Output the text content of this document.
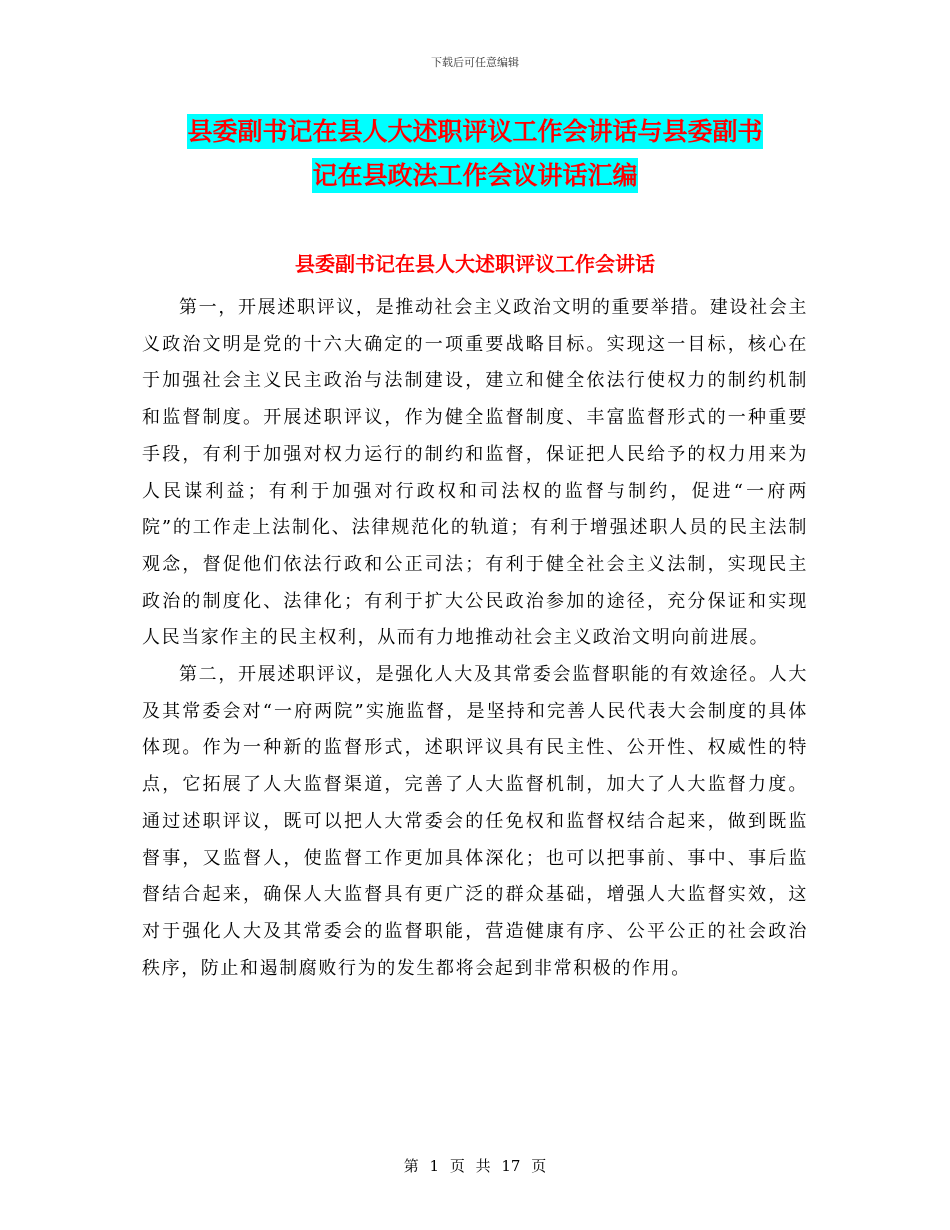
下载后可任意编辑
县委副书记在县人大述职评议工作会讲话与县委副书
记在县政法工作会议讲话汇编
县委副书记在县人大述职评议工作会讲话

第一，开展述职评议，是推动社会主义政治文明的重要举措。建设社会主义政治文明是党的十六大确定的一项重要战略目标。实现这一目标，核心在于加强社会主义民主政治与法制建设，建立和健全依法行使权力的制约机制和监督制度。开展述职评议，作为健全监督制度、丰富监督形式的一种重要手段，有利于加强对权力运行的制约和监督，保证把人民给予的权力用来为人民谋利益；有利于加强对行政权和司法权的监督与制约，促进“一府两院”的工作走上法制化、法律规范化的轨道；有利于增强述职人员的民主法制观念，督促他们依法行政和公正司法；有利于健全社会主义法制，实现民主政治的制度化、法律化；有利于扩大公民政治参加的途径，充分保证和实现人民当家作主的民主权利，从而有力地推动社会主义政治文明向前进展。

第二，开展述职评议，是强化人大及其常委会监督职能的有效途径。人大及其常委会对“一府两院”实施监督，是坚持和完善人民代表大会制度的具体体现。作为一种新的监督形式，述职评议具有民主性、公开性、权威性的特点，它拓展了人大监督渠道，完善了人大监督机制，加大了人大监督力度。通过述职评议，既可以把人大常委会的任免权和监督权结合起来，做到既监督事，又监督人，使监督工作更加具体深化；也可以把事前、事中、事后监督结合起来，确保人大监督具有更广泛的群众基础，增强人大监督实效，这对于强化人大及其常委会的监督职能，营造健康有序、公平公正的社会政治秩序，防止和遏制腐败行为的发生都将会起到非常积极的作用。

第 1 页 共 17 页
